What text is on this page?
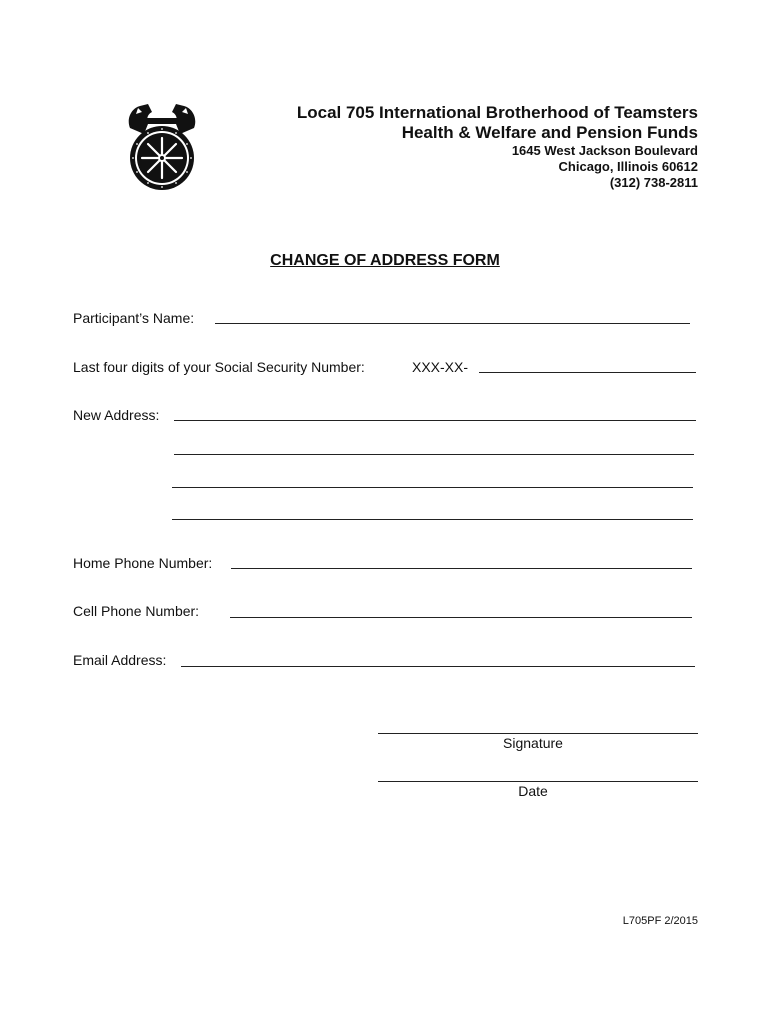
Local 705 International Brotherhood of Teamsters
Health & Welfare and Pension Funds
1645 West Jackson Boulevard
Chicago, Illinois 60612
(312) 738-2811
CHANGE OF ADDRESS FORM
Participant’s Name:
Last four digits of your Social Security Number:	XXX-XX-
New Address:
Home Phone Number:
Cell Phone Number:
Email Address:
Signature
Date
L705PF 2/2015
